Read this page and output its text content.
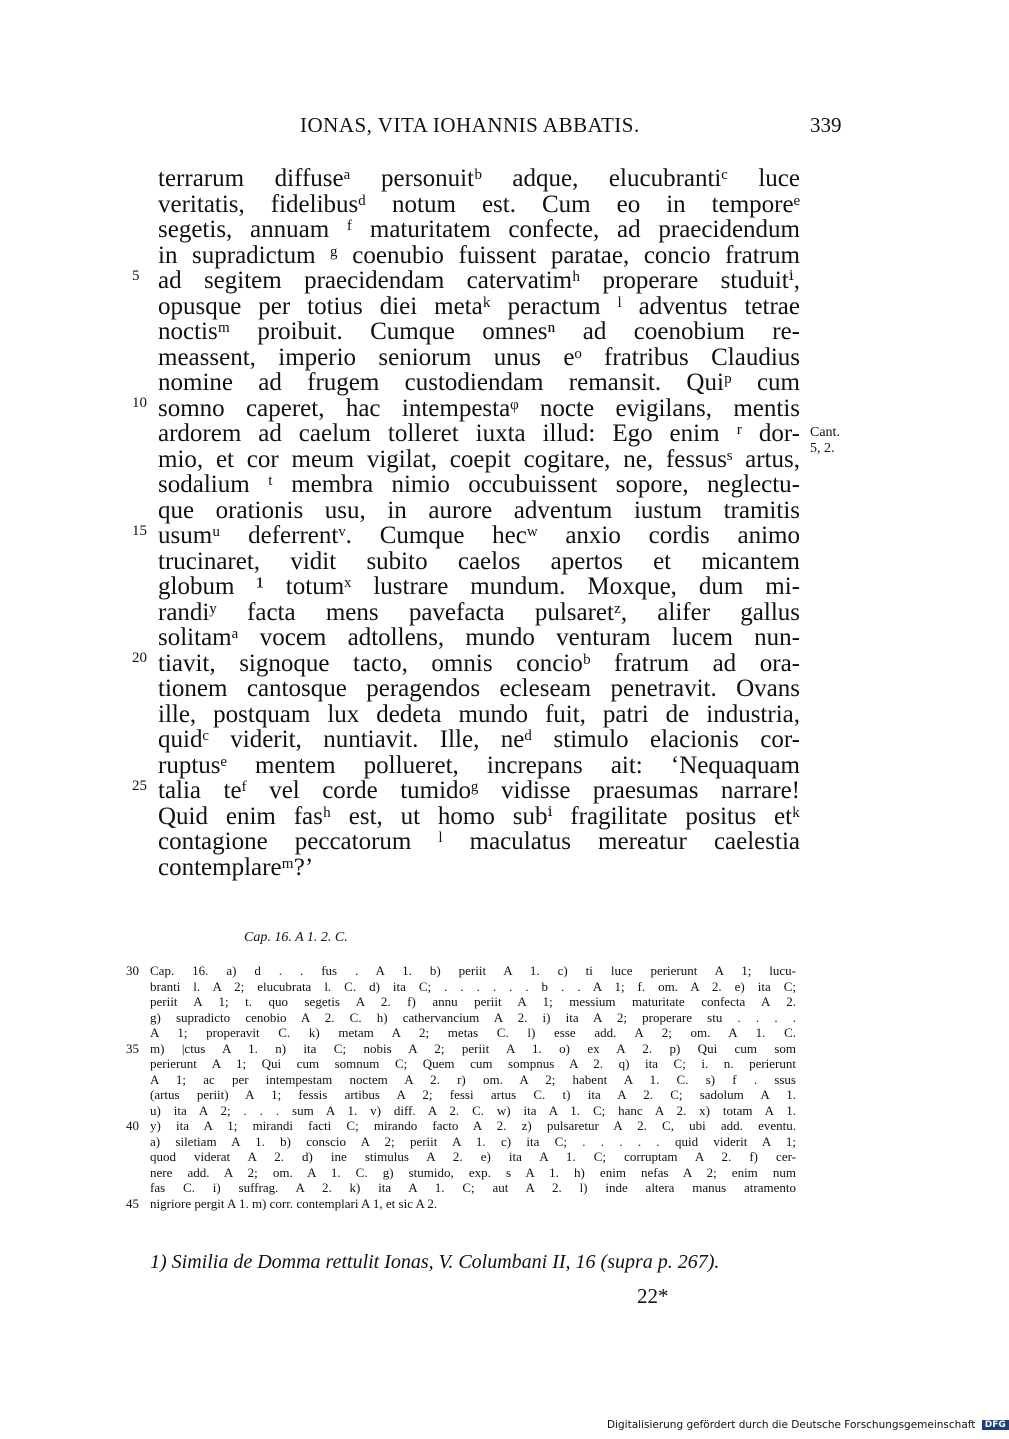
IONAS, VITA IOHANNIS ABBATIS.	339
5
10
15
20
25
Cant. 5, 2.
terrarum diffuseᵃ personuitᵇ adque, elucubrantiᶜ luce
veritatis, fidelibusᵈ notum est. Cum eo in temporeᵉ
segetis, annuam ᶠ maturitatem confecte, ad praecidendum
in supradictum ᵍ coenubio fuissent paratae, concio fratrum
ad segitem praecidendam catervatimʰ properare studuitⁱ,
opusque per totius diei metaᵏ peractum ˡ adventus tetrae
noctisᵐ proibuit. Cumque omnesⁿ ad coenobium re-
meassent, imperio seniorum unus eᵒ fratribus Claudius
nomine ad frugem custodiendam remansit. Quiᵖ cum
somno caperet, hac intempestaᵠ nocte evigilans, mentis
ardorem ad caelum tolleret iuxta illud: Ego enim ʳ dor-
mio, et cor meum vigilat, coepit cogitare, ne, fessusˢ artus,
sodalium ᵗ membra nimio occubuissent sopore, neglectu-
que orationis usu, in aurore adventum iustum tramitis
usumᵘ deferrentᵛ. Cumque hecʷ anxio cordis animo
trucinaret, vidit subito caelos apertos et micantem
globum ¹ totumˣ lustrare mundum. Moxque, dum mi-
randiʸ facta mens pavefacta pulsaretᶻ, alifer gallus
solitamᵃ vocem adtollens, mundo venturam lucem nun-
tiavit, signoque tacto, omnis concioᵇ fratrum ad ora-
tionem cantosque peragendos ecleseam penetravit. Ovans
ille, postquam lux dedeta mundo fuit, patri de industria,
quidᶜ viderit, nuntiavit. Ille, neᵈ stimulo elacionis cor-
ruptusᵉ mentem pollueret, increpans ait: ‘Nequaquam
talia teᶠ vel corde tumidoᵍ vidisse praesumas narrare!
Quid enim fasʰ est, ut homo subⁱ fragilitate positus etᵏ
contagione peccatorum ˡ maculatus mereatur caelestia
contemplareᵐ?’
Cap. 16. A 1. 2. C.
30
35
40
45
Cap. 16. a) d . . fus . A 1. b) periit A 1. c) ti luce perierunt A 1; lucu-
branti l. A 2; elucubrata l. C. d) ita C; . . . . . . b . . A 1; f. om. A 2. e) ita C;
periit A 1; t. quo segetis A 2. f) annu periit A 1; messium maturitate confecta A 2.
g) supradicto cenobio A 2. C. h) cathervancium A 2. i) ita A 2; properare stu . . . .
A 1; properavit C. k) metam A 2; metas C. l) esse add. A 2; om. A 1. C.
m) |ctus A 1. n) ita C; nobis A 2; periit A 1. o) ex A 2. p) Qui cum som
perierunt A 1; Qui cum somnum C; Quem cum sompnus A 2. q) ita C; i. n. perierunt
A 1; ac per intempestam noctem A 2. r) om. A 2; habent A 1. C. s) f . ssus
(artus periit) A 1; fessis artibus A 2; fessi artus C. t) ita A 2. C; sadolum A 1.
u) ita A 2; . . . sum A 1. v) diff. A 2. C. w) ita A 1. C; hanc A 2. x) totam A 1.
y) ita A 1; mirandi facti C; mirando facto A 2. z) pulsaretur A 2. C, ubi add. eventu.
a) siletiam A 1. b) conscio A 2; periit A 1. c) ita C; . . . . . quid viderit A 1;
quod viderat A 2. d) ine stimulus A 2. e) ita A 1. C; corruptam A 2. f) cer-
nere add. A 2; om. A 1. C. g) stumido, exp. s A 1. h) enim nefas A 2; enim num
fas C. i) suffrag. A 2. k) ita A 1. C; aut A 2. l) inde altera manus atramento
nigriore pergit A 1. m) corr. contemplari A 1, et sic A 2.
1) Similia de Domma rettulit Ionas, V. Columbani II, 16 (supra p. 267).
22*
Digitalisierung gefördert durch die Deutsche Forschungsgemeinschaft DFG
